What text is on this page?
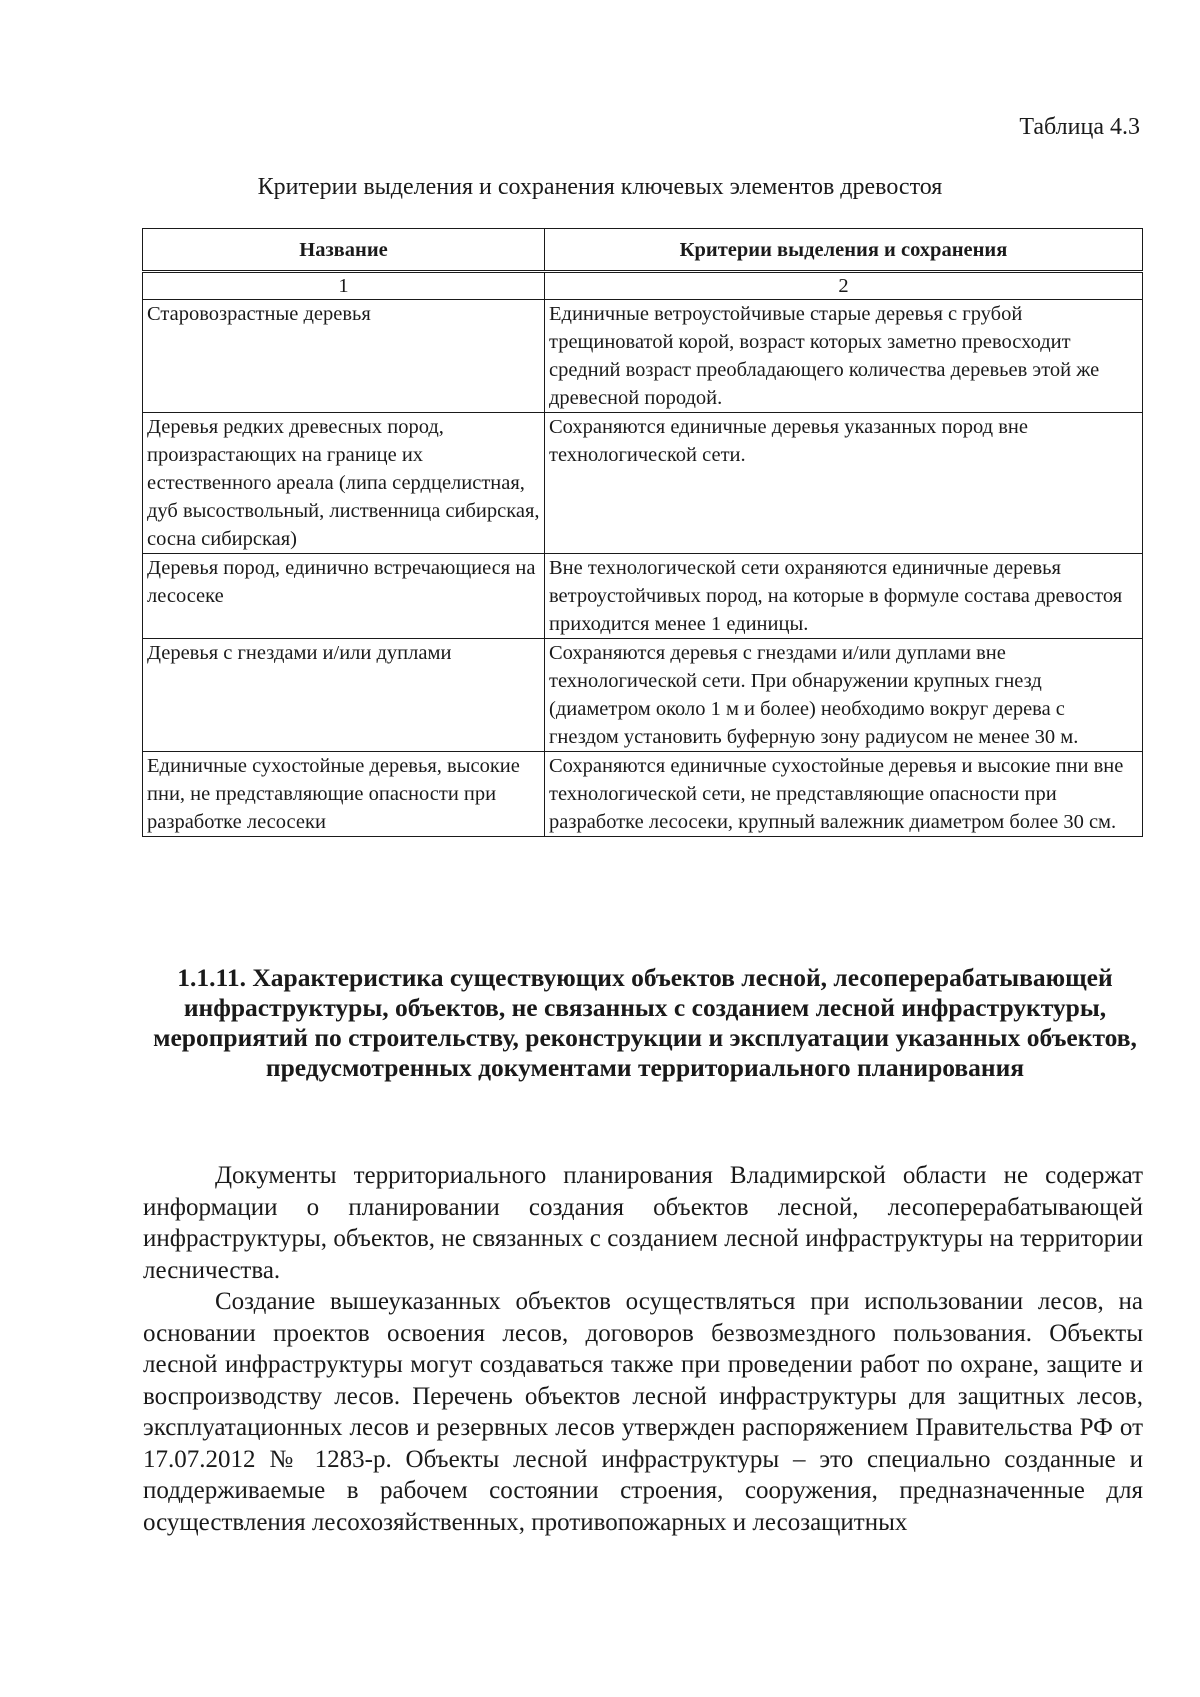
Таблица 4.3
Критерии выделения и сохранения ключевых элементов древостоя
Название	Критерии выделения и сохранения
1	2
Старовозрастные деревья	Единичные ветроустойчивые старые деревья с грубой трещиноватой корой, возраст которых заметно превосходит средний возраст преобладающего количества деревьев этой же древесной породой.
Деревья редких древесных пород, произрастающих на границе их естественного ареала (липа сердцелистная, дуб высоствольный, лиственница сибирская, сосна сибирская)	Сохраняются единичные деревья указанных пород вне технологической сети.
Деревья пород, единично встречающиеся на лесосеке	Вне технологической сети охраняются единичные деревья ветроустойчивых пород, на которые в формуле состава древостоя приходится менее 1 единицы.
Деревья с гнездами и/или дуплами	Сохраняются деревья с гнездами и/или дуплами вне технологической сети. При обнаружении крупных гнезд (диаметром около 1 м и более) необходимо вокруг дерева с гнездом установить буферную зону радиусом не менее 30 м.
Единичные сухостойные деревья, высокие пни, не представляющие опасности при разработке лесосеки	Сохраняются единичные сухостойные деревья и высокие пни вне технологической сети, не представляющие опасности при разработке лесосеки, крупный валежник диаметром более 30 см.
1.1.11. Характеристика существующих объектов лесной, лесоперерабатывающей инфраструктуры, объектов, не связанных с созданием лесной инфраструктуры, мероприятий по строительству, реконструкции и эксплуатации указанных объектов, предусмотренных документами территориального планирования

Документы территориального планирования Владимирской области не содержат информации о планировании создания объектов лесной, лесоперерабатывающей инфраструктуры, объектов, не связанных с созданием лесной инфраструктуры на территории лесничества.

Создание вышеуказанных объектов осуществляться при использовании лесов, на основании проектов освоения лесов, договоров безвозмездного пользования. Объекты лесной инфраструктуры могут создаваться также при проведении работ по охране, защите и воспроизводству лесов. Перечень объектов лесной инфраструктуры для защитных лесов, эксплуатационных лесов и резервных лесов утвержден распоряжением Правительства РФ от 17.07.2012 № 1283-р. Объекты лесной инфраструктуры – это специально созданные и поддерживаемые в рабочем состоянии строения, сооружения, предназначенные для осуществления лесохозяйственных, противопожарных и лесозащитных
